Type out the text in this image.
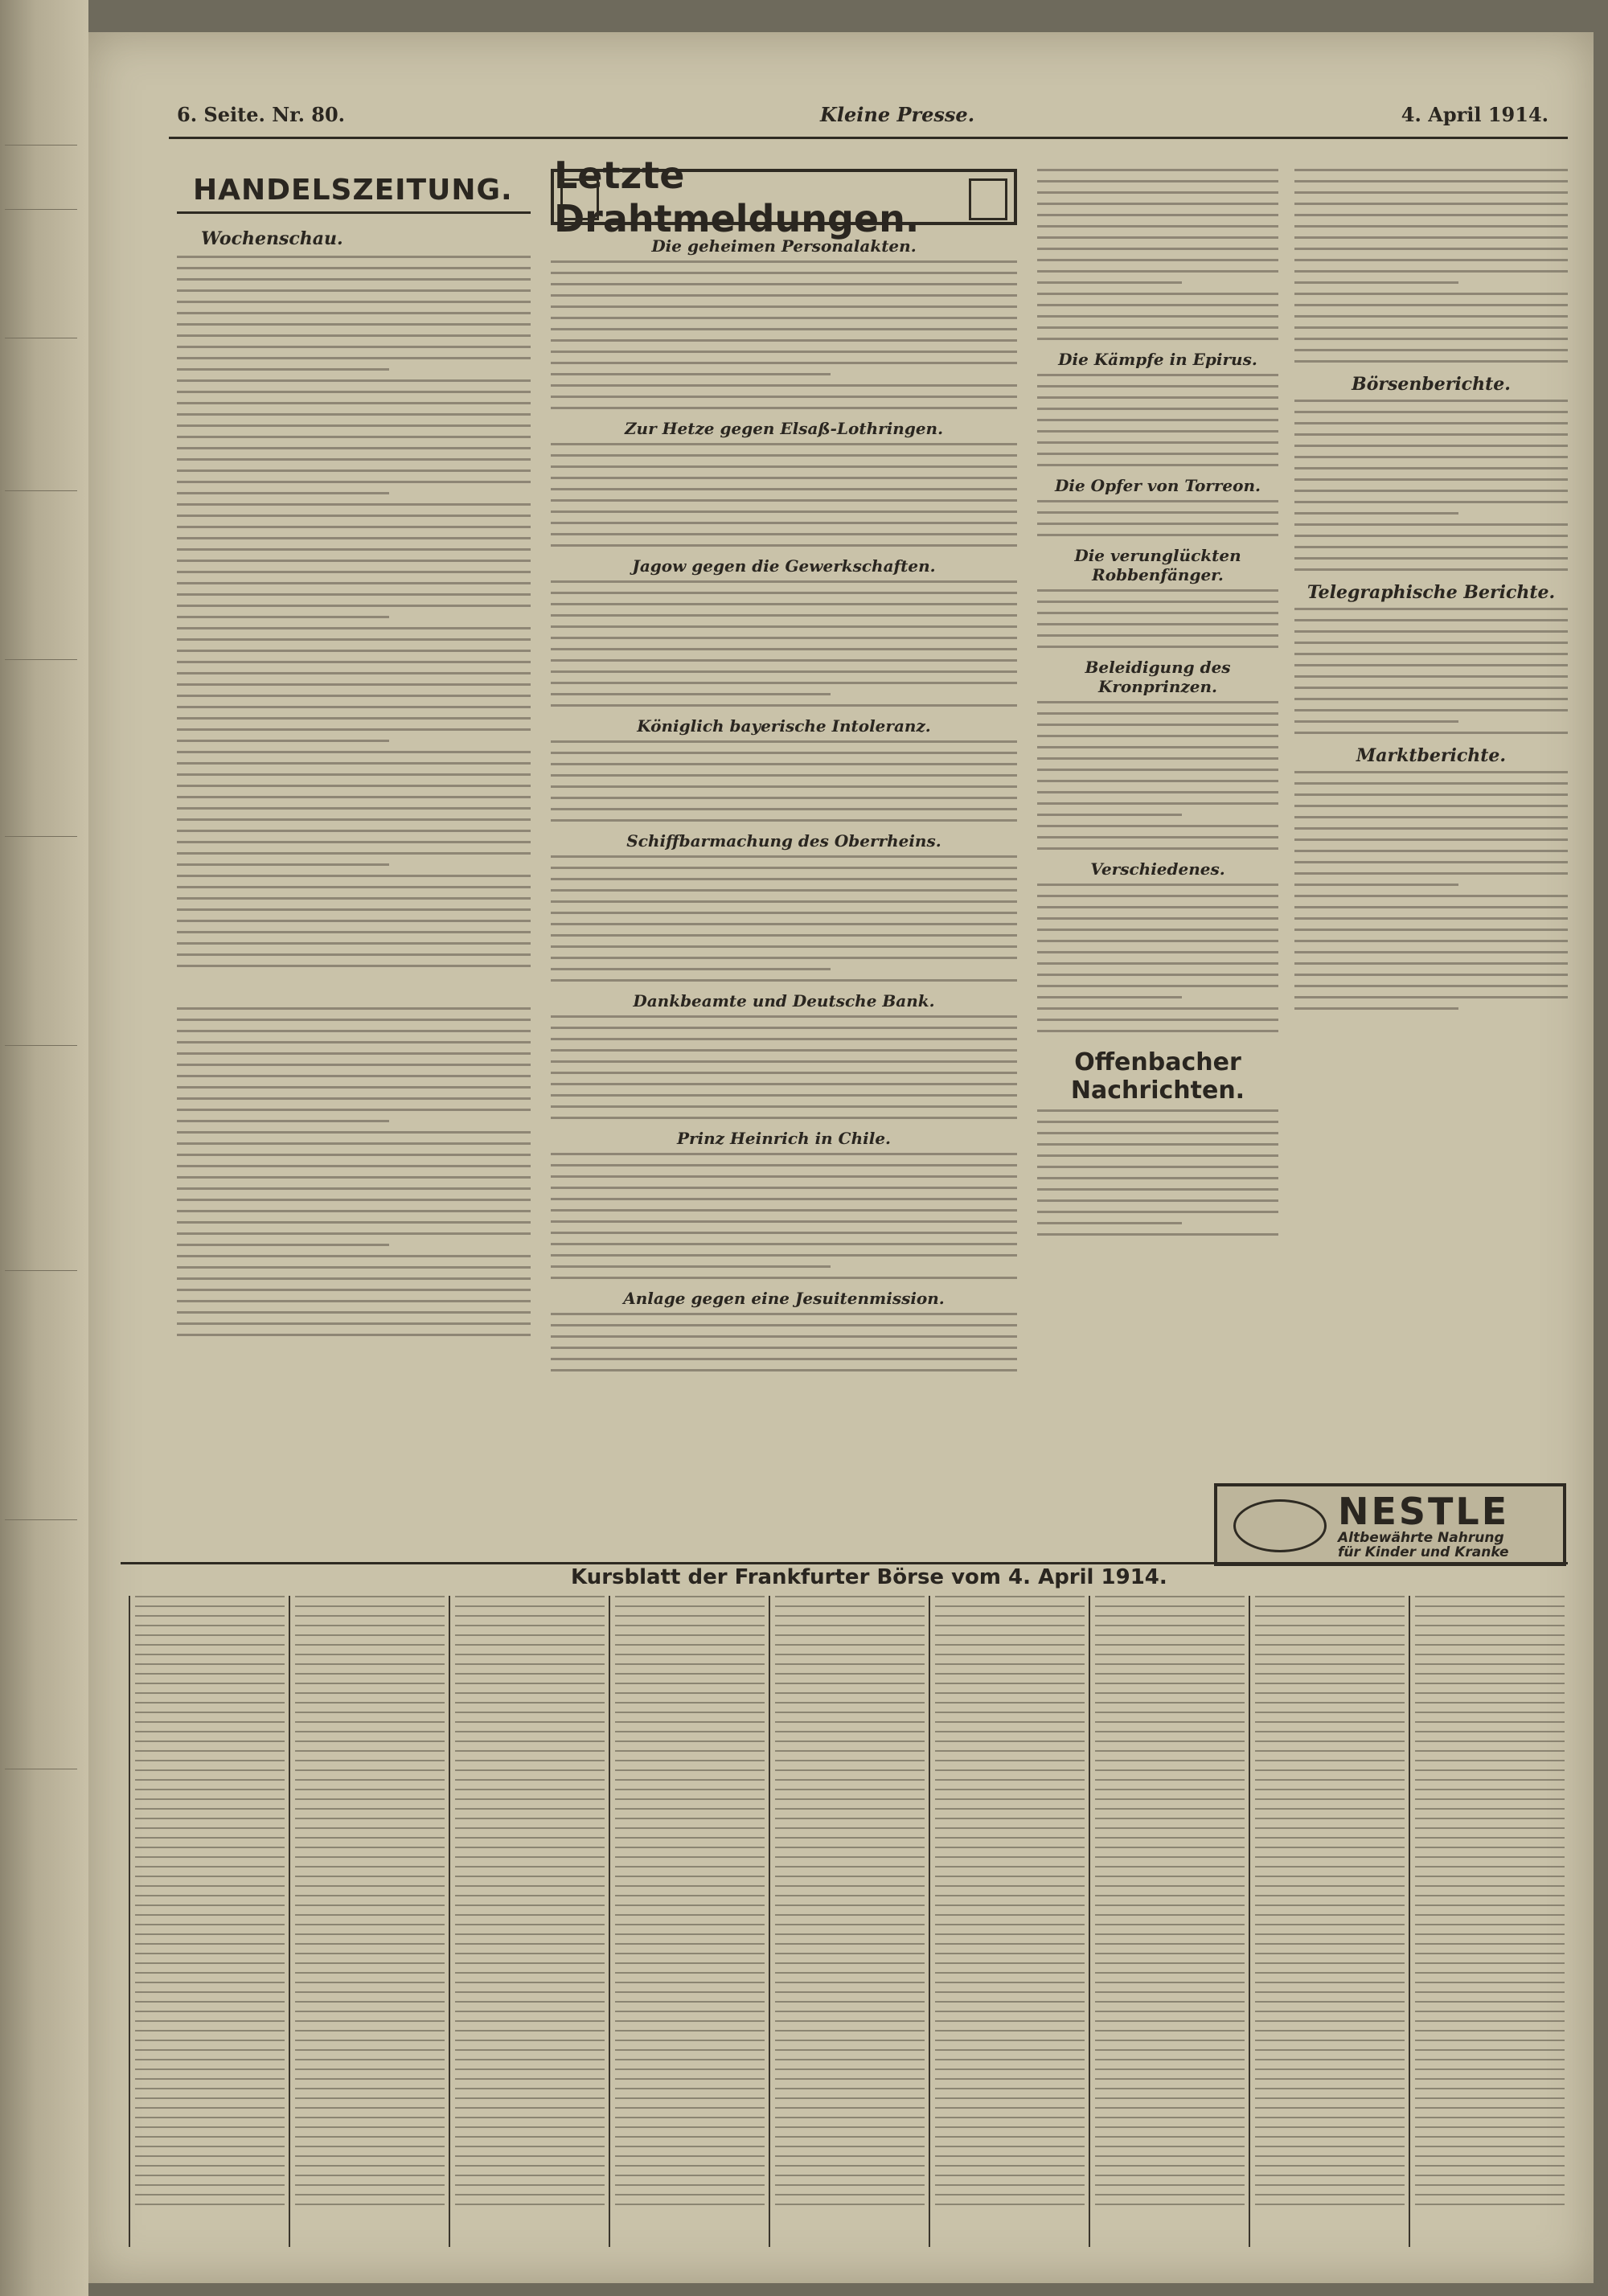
6. Seite. Nr. 80.	Kleine Presse.	4. April 1914.
HANDELSZEITUNG.
Wochenschau.
Letzte Drahtmeldungen.
Die geheimen Personalakten.
Zur Hetze gegen Elsaß-Lothringen.
Jagow gegen die Gewerkschaften.
Königlich bayerische Intoleranz.
Schiffbarmachung des Oberrheins.
Dankbeamte und Deutsche Bank.
Prinz Heinrich in Chile.
Anlage gegen eine Jesuitenmission.
Die Kämpfe in Epirus.
Die Opfer von Torreon.
Die verunglückten Robbenfänger.
Beleidigung des Kronprinzen.
Verschiedenes.
Offenbacher Nachrichten.
Börsenberichte.
Telegraphische Berichte.
Marktberichte.
NESTLE
Altbewährte Nahrung
für Kinder und Kranke
Kursblatt der Frankfurter Börse vom 4. April 1914.
